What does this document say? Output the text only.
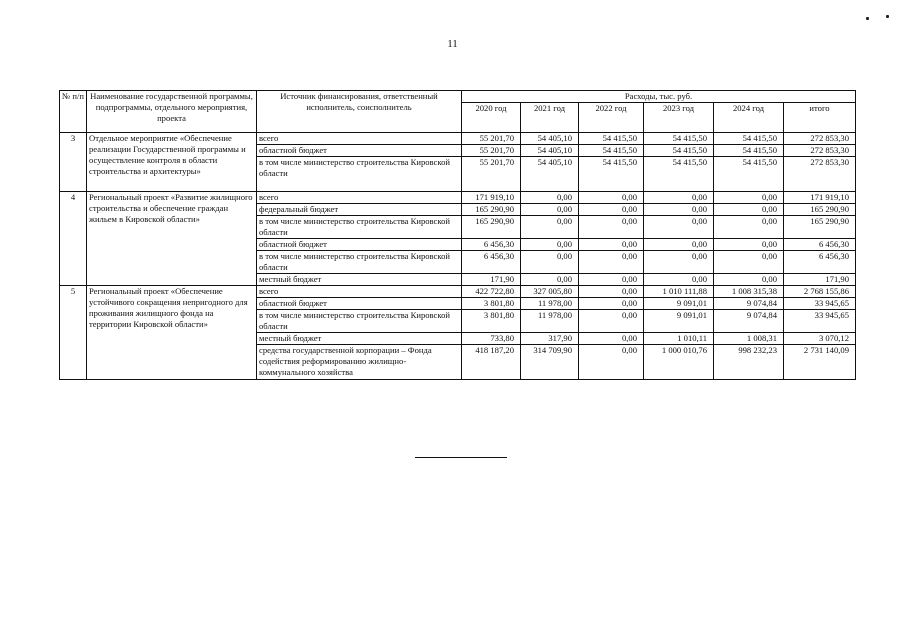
11
№ п/п	Наименование государственной программы, подпрограммы, отдельного мероприятия, проекта	Источник финансирования, ответственный исполнитель, соисполнитель	Расходы, тыс. руб.					
			2020 год	2021 год	2022 год	2023 год	2024 год	итого
3	Отдельное мероприятие «Обеспечение реализации Государственной программы и осуществление контроля в области строительства и архитектуры»	всего	55 201,70	54 405,10	54 415,50	54 415,50	54 415,50	272 853,30
		областной бюджет	55 201,70	54 405,10	54 415,50	54 415,50	54 415,50	272 853,30
		в том числе министерство строительства Кировской области	55 201,70	54 405,10	54 415,50	54 415,50	54 415,50	272 853,30
4	Региональный проект «Развитие жилищного строительства и обеспечение граждан жильем в Кировской области»	всего	171 919,10	0,00	0,00	0,00	0,00	171 919,10
		федеральный бюджет	165 290,90	0,00	0,00	0,00	0,00	165 290,90
		в том числе министерство строительства Кировской области	165 290,90	0,00	0,00	0,00	0,00	165 290,90
		областной бюджет	6 456,30	0,00	0,00	0,00	0,00	6 456,30
		в том числе министерство строительства Кировской области	6 456,30	0,00	0,00	0,00	0,00	6 456,30
		местный бюджет	171,90	0,00	0,00	0,00	0,00	171,90
5	Региональный проект «Обеспечение устойчивого сокращения непригодного для проживания жилищного фонда на территории Кировской области»	всего	422 722,80	327 005,80	0,00	1 010 111,88	1 008 315,38	2 768 155,86
		областной бюджет	3 801,80	11 978,00	0,00	9 091,01	9 074,84	33 945,65
		в том числе министерство строительства Кировской области	3 801,80	11 978,00	0,00	9 091,01	9 074,84	33 945,65
		местный бюджет	733,80	317,90	0,00	1 010,11	1 008,31	3 070,12
		средства государственной корпорации – Фонда содействия реформированию жилищно-коммунального хозяйства	418 187,20	314 709,90	0,00	1 000 010,76	998 232,23	2 731 140,09
